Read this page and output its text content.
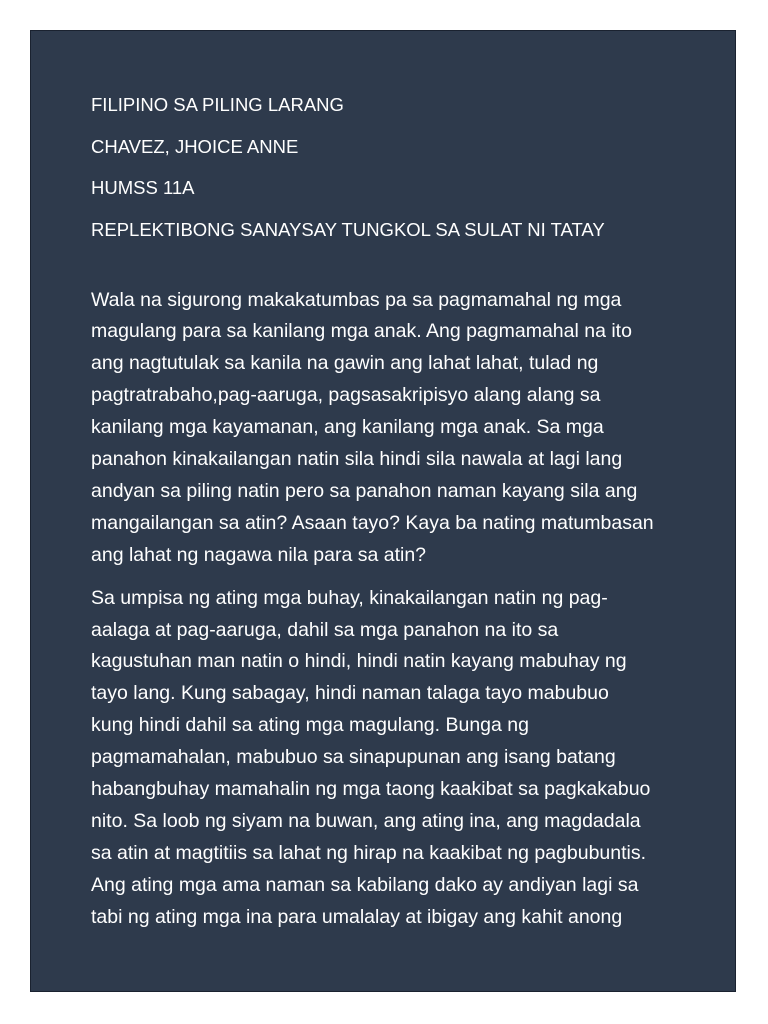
FILIPINO SA PILING LARANG
CHAVEZ, JHOICE ANNE
HUMSS 11A
REPLEKTIBONG SANAYSAY TUNGKOL SA SULAT NI TATAY

Wala na sigurong makakatumbas pa sa pagmamahal ng mga
magulang para sa kanilang mga anak. Ang pagmamahal na ito
ang nagtutulak sa kanila na gawin ang lahat lahat, tulad ng
pagtratrabaho,pag-aaruga, pagsasakripisyo alang alang sa
kanilang mga kayamanan, ang kanilang mga anak. Sa mga
panahon kinakailangan natin sila hindi sila nawala at lagi lang
andyan sa piling natin pero sa panahon naman kayang sila ang
mangailangan sa atin? Asaan tayo? Kaya ba nating matumbasan
ang lahat ng nagawa nila para sa atin?

Sa umpisa ng ating mga buhay, kinakailangan natin ng pag-
aalaga at pag-aaruga, dahil sa mga panahon na ito sa
kagustuhan man natin o hindi, hindi natin kayang mabuhay ng
tayo lang. Kung sabagay, hindi naman talaga tayo mabubuo
kung hindi dahil sa ating mga magulang. Bunga ng
pagmamahalan, mabubuo sa sinapupunan ang isang batang
habangbuhay mamahalin ng mga taong kaakibat sa pagkakabuo
nito. Sa loob ng siyam na buwan, ang ating ina, ang magdadala
sa atin at magtitiis sa lahat ng hirap na kaakibat ng pagbubuntis.
Ang ating mga ama naman sa kabilang dako ay andiyan lagi sa
tabi ng ating mga ina para umalalay at ibigay ang kahit anong
